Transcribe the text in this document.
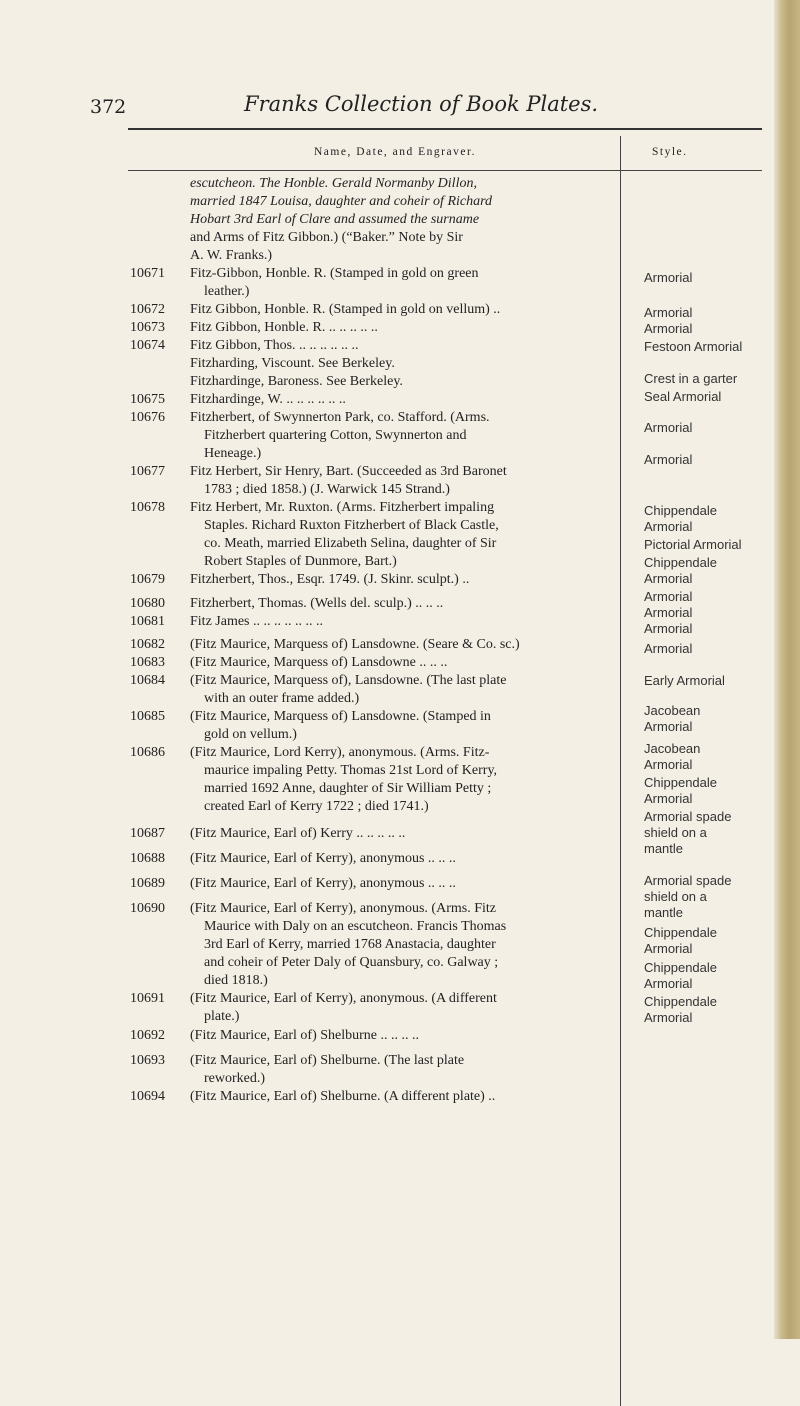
372	Franks Collection of Book Plates.
Name, Date, and Engraver.	Style.
escutcheon. The Honble. Gerald Normanby Dillon,
married 1847 Louisa, daughter and coheir of Richard
Hobart 3rd Earl of Clare and assumed the surname
and Arms of Fitz Gibbon.) (“Baker.” Note by Sir
A. W. Franks.)
10671 Fitz-Gibbon, Honble. R. (Stamped in gold on green
leather.)
10672 Fitz Gibbon, Honble. R. (Stamped in gold on vellum) ..
10673 Fitz Gibbon, Honble. R. .. .. .. .. ..
10674 Fitz Gibbon, Thos. .. .. .. .. .. ..
Fitzharding, Viscount. See Berkeley.
Fitzhardinge, Baroness. See Berkeley.
10675 Fitzhardinge, W. .. .. .. .. .. ..
10676 Fitzherbert, of Swynnerton Park, co. Stafford. (Arms.
Fitzherbert quartering Cotton, Swynnerton and
Heneage.)
10677 Fitz Herbert, Sir Henry, Bart. (Succeeded as 3rd Baronet
1783 ; died 1858.) (J. Warwick 145 Strand.)
10678 Fitz Herbert, Mr. Ruxton. (Arms. Fitzherbert impaling
Staples. Richard Ruxton Fitzherbert of Black Castle,
co. Meath, married Elizabeth Selina, daughter of Sir
Robert Staples of Dunmore, Bart.)
10679 Fitzherbert, Thos., Esqr. 1749. (J. Skinr. sculpt.) ..
10680 Fitzherbert, Thomas. (Wells del. sculp.) .. .. ..
10681 Fitz James .. .. .. .. .. .. ..
10682 (Fitz Maurice, Marquess of) Lansdowne. (Seare & Co. sc.)
10683 (Fitz Maurice, Marquess of) Lansdowne .. .. ..
10684 (Fitz Maurice, Marquess of), Lansdowne. (The last plate
with an outer frame added.)
10685 (Fitz Maurice, Marquess of) Lansdowne. (Stamped in
gold on vellum.)
10686 (Fitz Maurice, Lord Kerry), anonymous. (Arms. Fitz-
maurice impaling Petty. Thomas 21st Lord of Kerry,
married 1692 Anne, daughter of Sir William Petty ;
created Earl of Kerry 1722 ; died 1741.)
10687 (Fitz Maurice, Earl of) Kerry .. .. .. .. ..
10688 (Fitz Maurice, Earl of Kerry), anonymous .. .. ..
10689 (Fitz Maurice, Earl of Kerry), anonymous .. .. ..
10690 (Fitz Maurice, Earl of Kerry), anonymous. (Arms. Fitz
Maurice with Daly on an escutcheon. Francis Thomas
3rd Earl of Kerry, married 1768 Anastacia, daughter
and coheir of Peter Daly of Quansbury, co. Galway ;
died 1818.)
10691 (Fitz Maurice, Earl of Kerry), anonymous. (A different
plate.)
10692 (Fitz Maurice, Earl of) Shelburne .. .. .. ..
10693 (Fitz Maurice, Earl of) Shelburne. (The last plate
reworked.)
10694 (Fitz Maurice, Earl of) Shelburne. (A different plate) ..
Armorial
Armorial
Armorial
Festoon Armorial
Crest in a garter
Seal Armorial
Armorial
Armorial
Chippendale
Armorial
Pictorial Armorial
Chippendale
Armorial
Armorial
Armorial
Armorial
Armorial
Early Armorial
Jacobean
Armorial
Jacobean
Armorial
Chippendale
Armorial
Armorial spade
shield on a
mantle
Armorial spade
shield on a
mantle
Chippendale
Armorial
Chippendale
Armorial
Chippendale
Armorial
